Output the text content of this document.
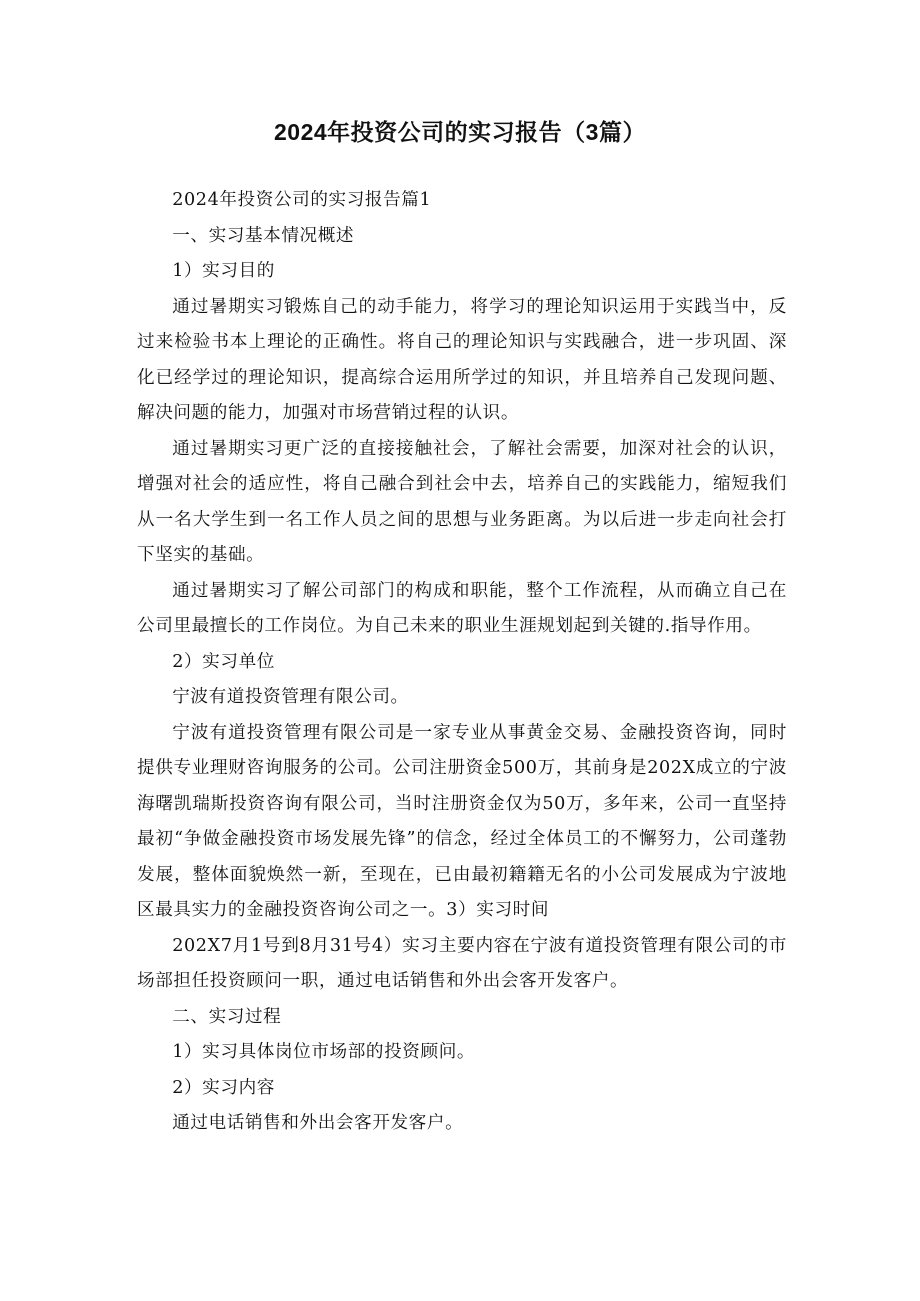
2024年投资公司的实习报告（3篇）

2024年投资公司的实习报告篇1

一、实习基本情况概述

1）实习目的

通过暑期实习锻炼自己的动手能力，将学习的理论知识运用于实践当中，反过来检验书本上理论的正确性。将自己的理论知识与实践融合，进一步巩固、深化已经学过的理论知识，提高综合运用所学过的知识，并且培养自己发现问题、解决问题的能力，加强对市场营销过程的认识。

通过暑期实习更广泛的直接接触社会，了解社会需要，加深对社会的认识，增强对社会的适应性，将自己融合到社会中去，培养自己的实践能力，缩短我们从一名大学生到一名工作人员之间的思想与业务距离。为以后进一步走向社会打下坚实的基础。

通过暑期实习了解公司部门的构成和职能，整个工作流程，从而确立自己在公司里最擅长的工作岗位。为自己未来的职业生涯规划起到关键的.指导作用。

2）实习单位

宁波有道投资管理有限公司。

宁波有道投资管理有限公司是一家专业从事黄金交易、金融投资咨询，同时提供专业理财咨询服务的公司。公司注册资金500万，其前身是202X成立的宁波海曙凯瑞斯投资咨询有限公司，当时注册资金仅为50万，多年来，公司一直坚持最初“争做金融投资市场发展先锋”的信念，经过全体员工的不懈努力，公司蓬勃发展，整体面貌焕然一新，至现在，已由最初籍籍无名的小公司发展成为宁波地区最具实力的金融投资咨询公司之一。3）实习时间

202X7月1号到8月31号4）实习主要内容在宁波有道投资管理有限公司的市场部担任投资顾问一职，通过电话销售和外出会客开发客户。

二、实习过程

1）实习具体岗位市场部的投资顾问。

2）实习内容

通过电话销售和外出会客开发客户。
